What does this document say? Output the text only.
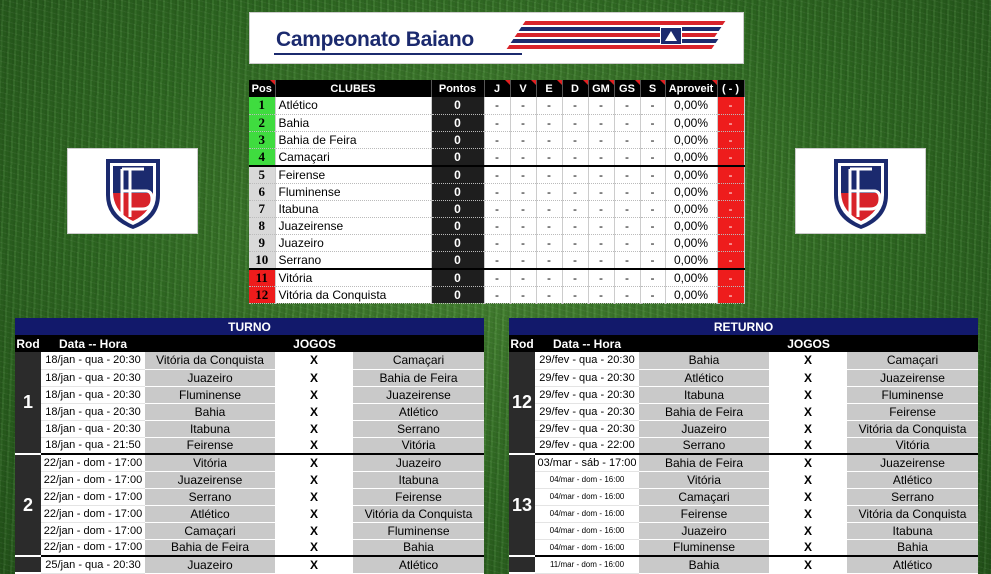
Campeonato Baiano
Pos	CLUBES	Pontos	J	V	E	D	GM	GS	S	Aproveit	( - )
1	Atlético	0	-	-	-	-	-	-	-	0,00%	-
2	Bahia	0	-	-	-	-	-	-	-	0,00%	-
3	Bahia de Feira	0	-	-	-	-	-	-	-	0,00%	-
4	Camaçari	0	-	-	-	-	-	-	-	0,00%	-
5	Feirense	0	-	-	-	-	-	-	-	0,00%	-
6	Fluminense	0	-	-	-	-	-	-	-	0,00%	-
7	Itabuna	0	-	-	-	-	-	-	-	0,00%	-
8	Juazeirense	0	-	-	-	-	-	-	-	0,00%	-
9	Juazeiro	0	-	-	-	-	-	-	-	0,00%	-
10	Serrano	0	-	-	-	-	-	-	-	0,00%	-
11	Vitória	0	-	-	-	-	-	-	-	0,00%	-
12	Vitória da Conquista	0	-	-	-	-	-	-	-	0,00%	-
TURNO						
Rod	Data -- Hora	JOGOS				
1	18/jan - qua - 20:30	Vitória da Conquista		X		Camaçari
	18/jan - qua - 20:30	Juazeiro		X		Bahia de Feira
	18/jan - qua - 20:30	Fluminense		X		Juazeirense
	18/jan - qua - 20:30	Bahia		X		Atlético
	18/jan - qua - 20:30	Itabuna		X		Serrano
	18/jan - qua - 21:50	Feirense		X		Vitória
2	22/jan - dom - 17:00	Vitória		X		Juazeiro
	22/jan - dom - 17:00	Juazeirense		X		Itabuna
	22/jan - dom - 17:00	Serrano		X		Feirense
	22/jan - dom - 17:00	Atlético		X		Vitória da Conquista
	22/jan - dom - 17:00	Camaçari		X		Fluminense
	22/jan - dom - 17:00	Bahia de Feira		X		Bahia
	25/jan - qua - 20:30	Juazeiro		X		Atlético
RETURNO						
Rod	Data -- Hora	JOGOS				
12	29/fev - qua - 20:30	Bahia		X		Camaçari
	29/fev - qua - 20:30	Atlético		X		Juazeirense
	29/fev - qua - 20:30	Itabuna		X		Fluminense
	29/fev - qua - 20:30	Bahia de Feira		X		Feirense
	29/fev - qua - 20:30	Juazeiro		X		Vitória da Conquista
	29/fev - qua - 22:00	Serrano		X		Vitória
13	03/mar - sáb - 17:00	Bahia de Feira		X		Juazeirense
	04/mar - dom - 16:00	Vitória		X		Atlético
	04/mar - dom - 16:00	Camaçari		X		Serrano
	04/mar - dom - 16:00	Feirense		X		Vitória da Conquista
	04/mar - dom - 16:00	Juazeiro		X		Itabuna
	04/mar - dom - 16:00	Fluminense		X		Bahia
	11/mar - dom - 16:00	Bahia		X		Atlético
